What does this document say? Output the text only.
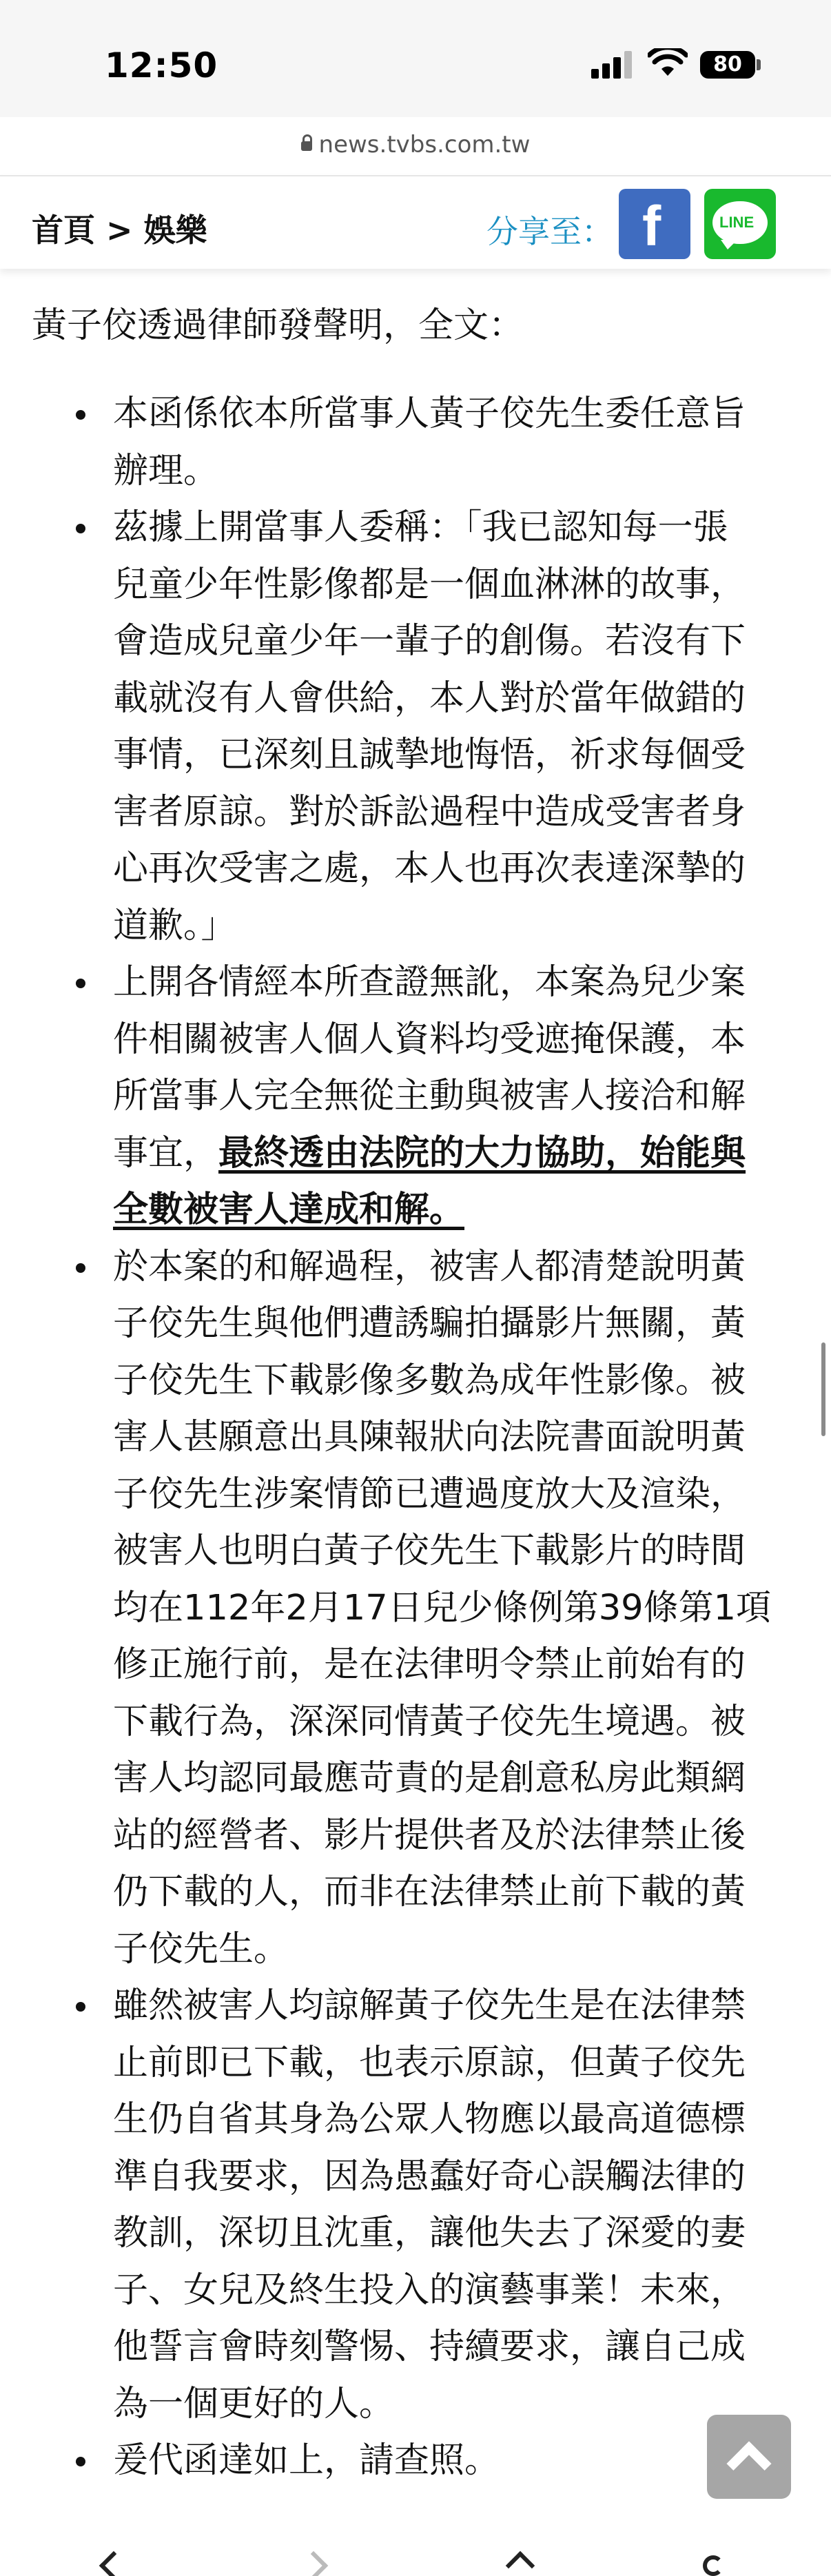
12:50	80
news.tvbs.com.tw
首頁 > 娛樂	分享至： f	LINE
黃子佼透過律師發聲明，全文：
本函係依本所當事人黃子佼先生委任意旨
辦理。
茲據上開當事人委稱：「我已認知每一張
兒童少年性影像都是一個血淋淋的故事，
會造成兒童少年一輩子的創傷。若沒有下
載就沒有人會供給，本人對於當年做錯的
事情，已深刻且誠摯地悔悟，祈求每個受
害者原諒。對於訴訟過程中造成受害者身
心再次受害之處，本人也再次表達深摯的
道歉。」
上開各情經本所查證無訛，本案為兒少案
件相關被害人個人資料均受遮掩保護，本
所當事人完全無從主動與被害人接洽和解
事宜，最終透由法院的大力協助，始能與
全數被害人達成和解。
於本案的和解過程，被害人都清楚說明黃
子佼先生與他們遭誘騙拍攝影片無關，黃
子佼先生下載影像多數為成年性影像。被
害人甚願意出具陳報狀向法院書面說明黃
子佼先生涉案情節已遭過度放大及渲染，
被害人也明白黃子佼先生下載影片的時間
均在112年2月17日兒少條例第39條第1項
修正施行前，是在法律明令禁止前始有的
下載行為，深深同情黃子佼先生境遇。被
害人均認同最應苛責的是創意私房此類網
站的經營者、影片提供者及於法律禁止後
仍下載的人，而非在法律禁止前下載的黃
子佼先生。
雖然被害人均諒解黃子佼先生是在法律禁
止前即已下載，也表示原諒，但黃子佼先
生仍自省其身為公眾人物應以最高道德標
準自我要求，因為愚蠢好奇心誤觸法律的
教訓，深切且沈重，讓他失去了深愛的妻
子、女兒及終生投入的演藝事業！未來，
他誓言會時刻警惕、持續要求，讓自己成
為一個更好的人。
爰代函達如上，請查照。
